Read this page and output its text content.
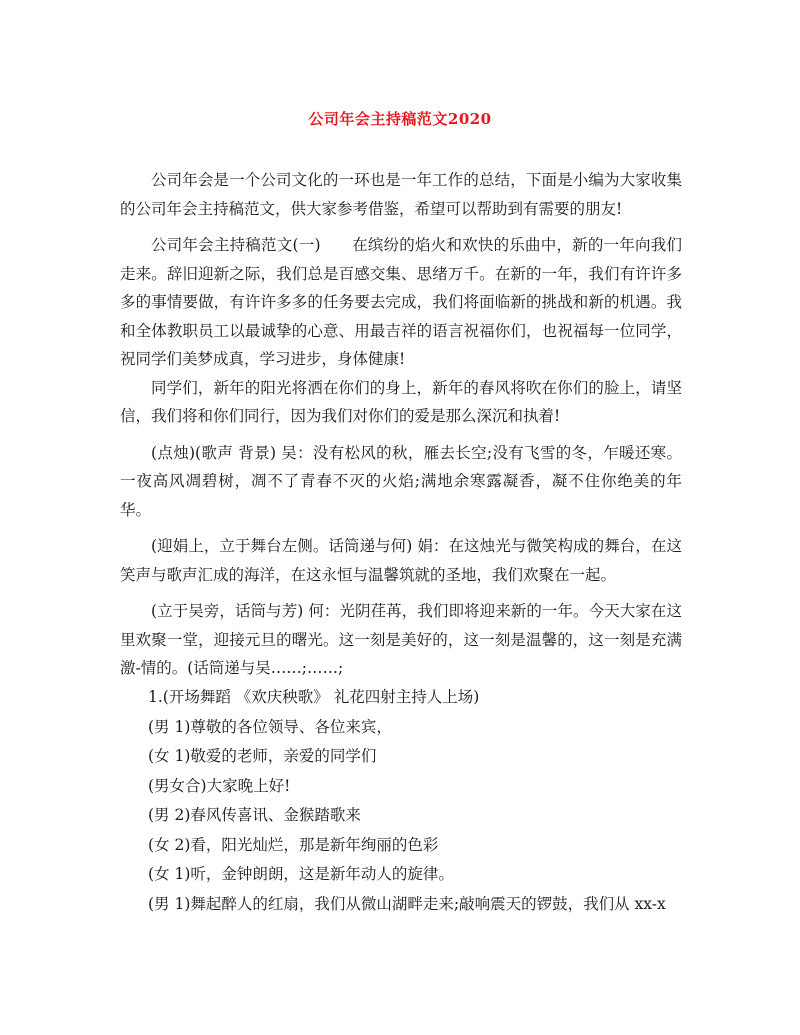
公司年会主持稿范文2020

公司年会是一个公司文化的一环也是一年工作的总结，下面是小编为大家收集的公司年会主持稿范文，供大家参考借鉴，希望可以帮助到有需要的朋友!

公司年会主持稿范文(一)　　在缤纷的焰火和欢快的乐曲中，新的一年向我们走来。辞旧迎新之际，我们总是百感交集、思绪万千。在新的一年，我们有许许多多的事情要做，有许许多多的任务要去完成，我们将面临新的挑战和新的机遇。我和全体教职员工以最诚挚的心意、用最吉祥的语言祝福你们，也祝福每一位同学，祝同学们美梦成真，学习进步，身体健康!

同学们，新年的阳光将洒在你们的身上，新年的春风将吹在你们的脸上，请坚信，我们将和你们同行，因为我们对你们的爱是那么深沉和执着!

(点烛)(歌声 背景) 吴：没有松风的秋，雁去长空;没有飞雪的冬，乍暖还寒。一夜高风凋碧树，凋不了青春不灭的火焰;满地余寒露凝香，凝不住你绝美的年华。

(迎娟上，立于舞台左侧。话筒递与何) 娟：在这烛光与微笑构成的舞台，在这笑声与歌声汇成的海洋，在这永恒与温馨筑就的圣地，我们欢聚在一起。

(立于吴旁，话筒与芳) 何：光阴荏苒，我们即将迎来新的一年。今天大家在这里欢聚一堂，迎接元旦的曙光。这一刻是美好的，这一刻是温馨的，这一刻是充满激-情的。(话筒递与吴……;……;

1.(开场舞蹈 《欢庆秧歌》 礼花四射主持人上场)
(男 1)尊敬的各位领导、各位来宾，
(女 1)敬爱的老师，亲爱的同学们
(男女合)大家晚上好!
(男 2)春风传喜讯、金猴踏歌来
(女 2)看，阳光灿烂，那是新年绚丽的色彩
(女 1)听，金钟朗朗，这是新年动人的旋律。
(男 1)舞起醉人的红扇，我们从微山湖畔走来;敲响震天的锣鼓，我们从 xx-x
